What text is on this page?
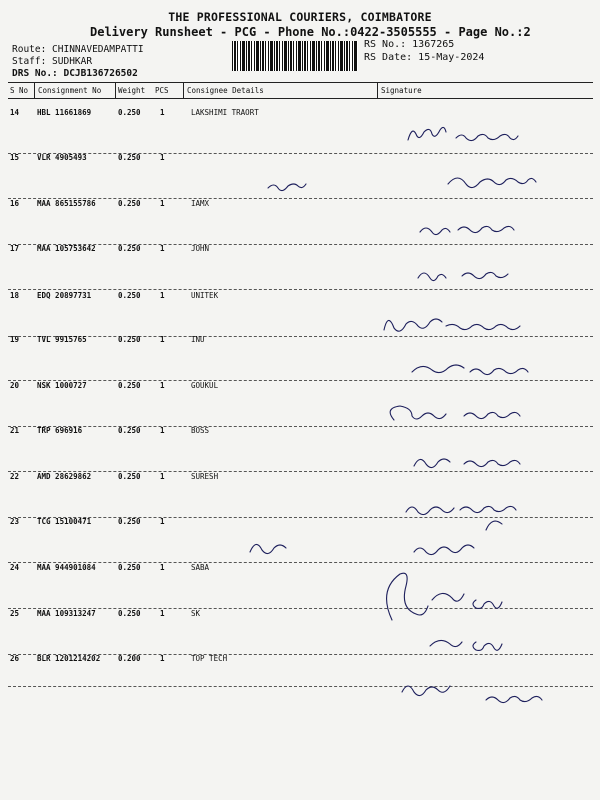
THE PROFESSIONAL COURIERS, COIMBATORE
Delivery Runsheet - PCG - Phone No.:0422-3505555 - Page No.:2
Route: CHINNAVEDAMPATTI
Staff: SUDHKAR
DRS No.: DCJB136726502
RS No.: 1367265
RS Date: 15-May-2024
S No Consignment No Weight PCS Consignee Details	Signature
14 HBL 11661869	0.250	1	LAKSHIMI TRAORT
15 VLR 4905493	0.250	1
16 MAA 865155786	0.250	1	IAMX
17 MAA 105753642	0.250	1	JOHN
18 EDQ 20897731	0.250	1	UNITEK
19 TVL 9915765	0.250	1	INU
20 NSK 1000727	0.250	1	GOUKUL
21 TRP 696916	0.250	1	BOSS
22 AMD 28629862	0.250	1	SURESH
23 TCG 15100471	0.250	1
24 MAA 944901084	0.250	1	SABA
25 MAA 109313247	0.250	1	SK
26 BLR 1201214202 0.200	1	TOP TECH
